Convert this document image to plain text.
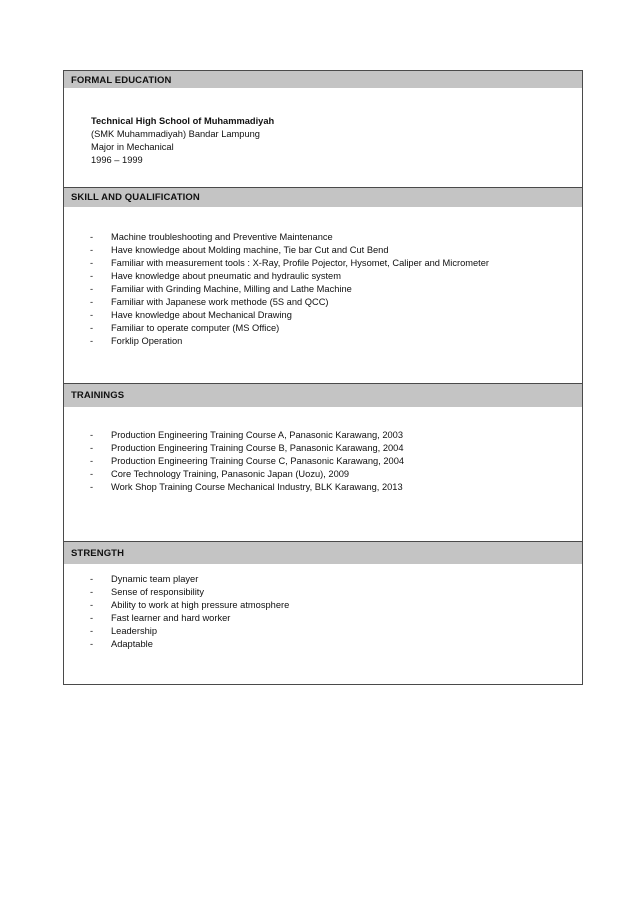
FORMAL EDUCATION
Technical High School of Muhammadiyah
(SMK Muhammadiyah) Bandar Lampung
Major in Mechanical
1996 – 1999
SKILL AND QUALIFICATION
- Machine troubleshooting and Preventive Maintenance
- Have knowledge about Molding machine, Tie bar Cut and Cut Bend
- Familiar with measurement tools : X-Ray, Profile Pojector, Hysomet, Caliper and Micrometer
- Have knowledge about pneumatic and hydraulic system
- Familiar with Grinding Machine, Milling and Lathe Machine
- Familiar with Japanese work methode (5S and QCC)
- Have knowledge about Mechanical Drawing
- Familiar to operate computer (MS Office)
- Forklip Operation
TRAININGS
- Production Engineering Training Course A, Panasonic Karawang, 2003
- Production Engineering Training Course B, Panasonic Karawang, 2004
- Production Engineering Training Course C, Panasonic Karawang, 2004
- Core Technology Training, Panasonic Japan (Uozu), 2009
- Work Shop Training Course Mechanical Industry, BLK Karawang, 2013
STRENGTH
- Dynamic team player
- Sense of responsibility
- Ability to work at high pressure atmosphere
- Fast learner and hard worker
- Leadership
- Adaptable
